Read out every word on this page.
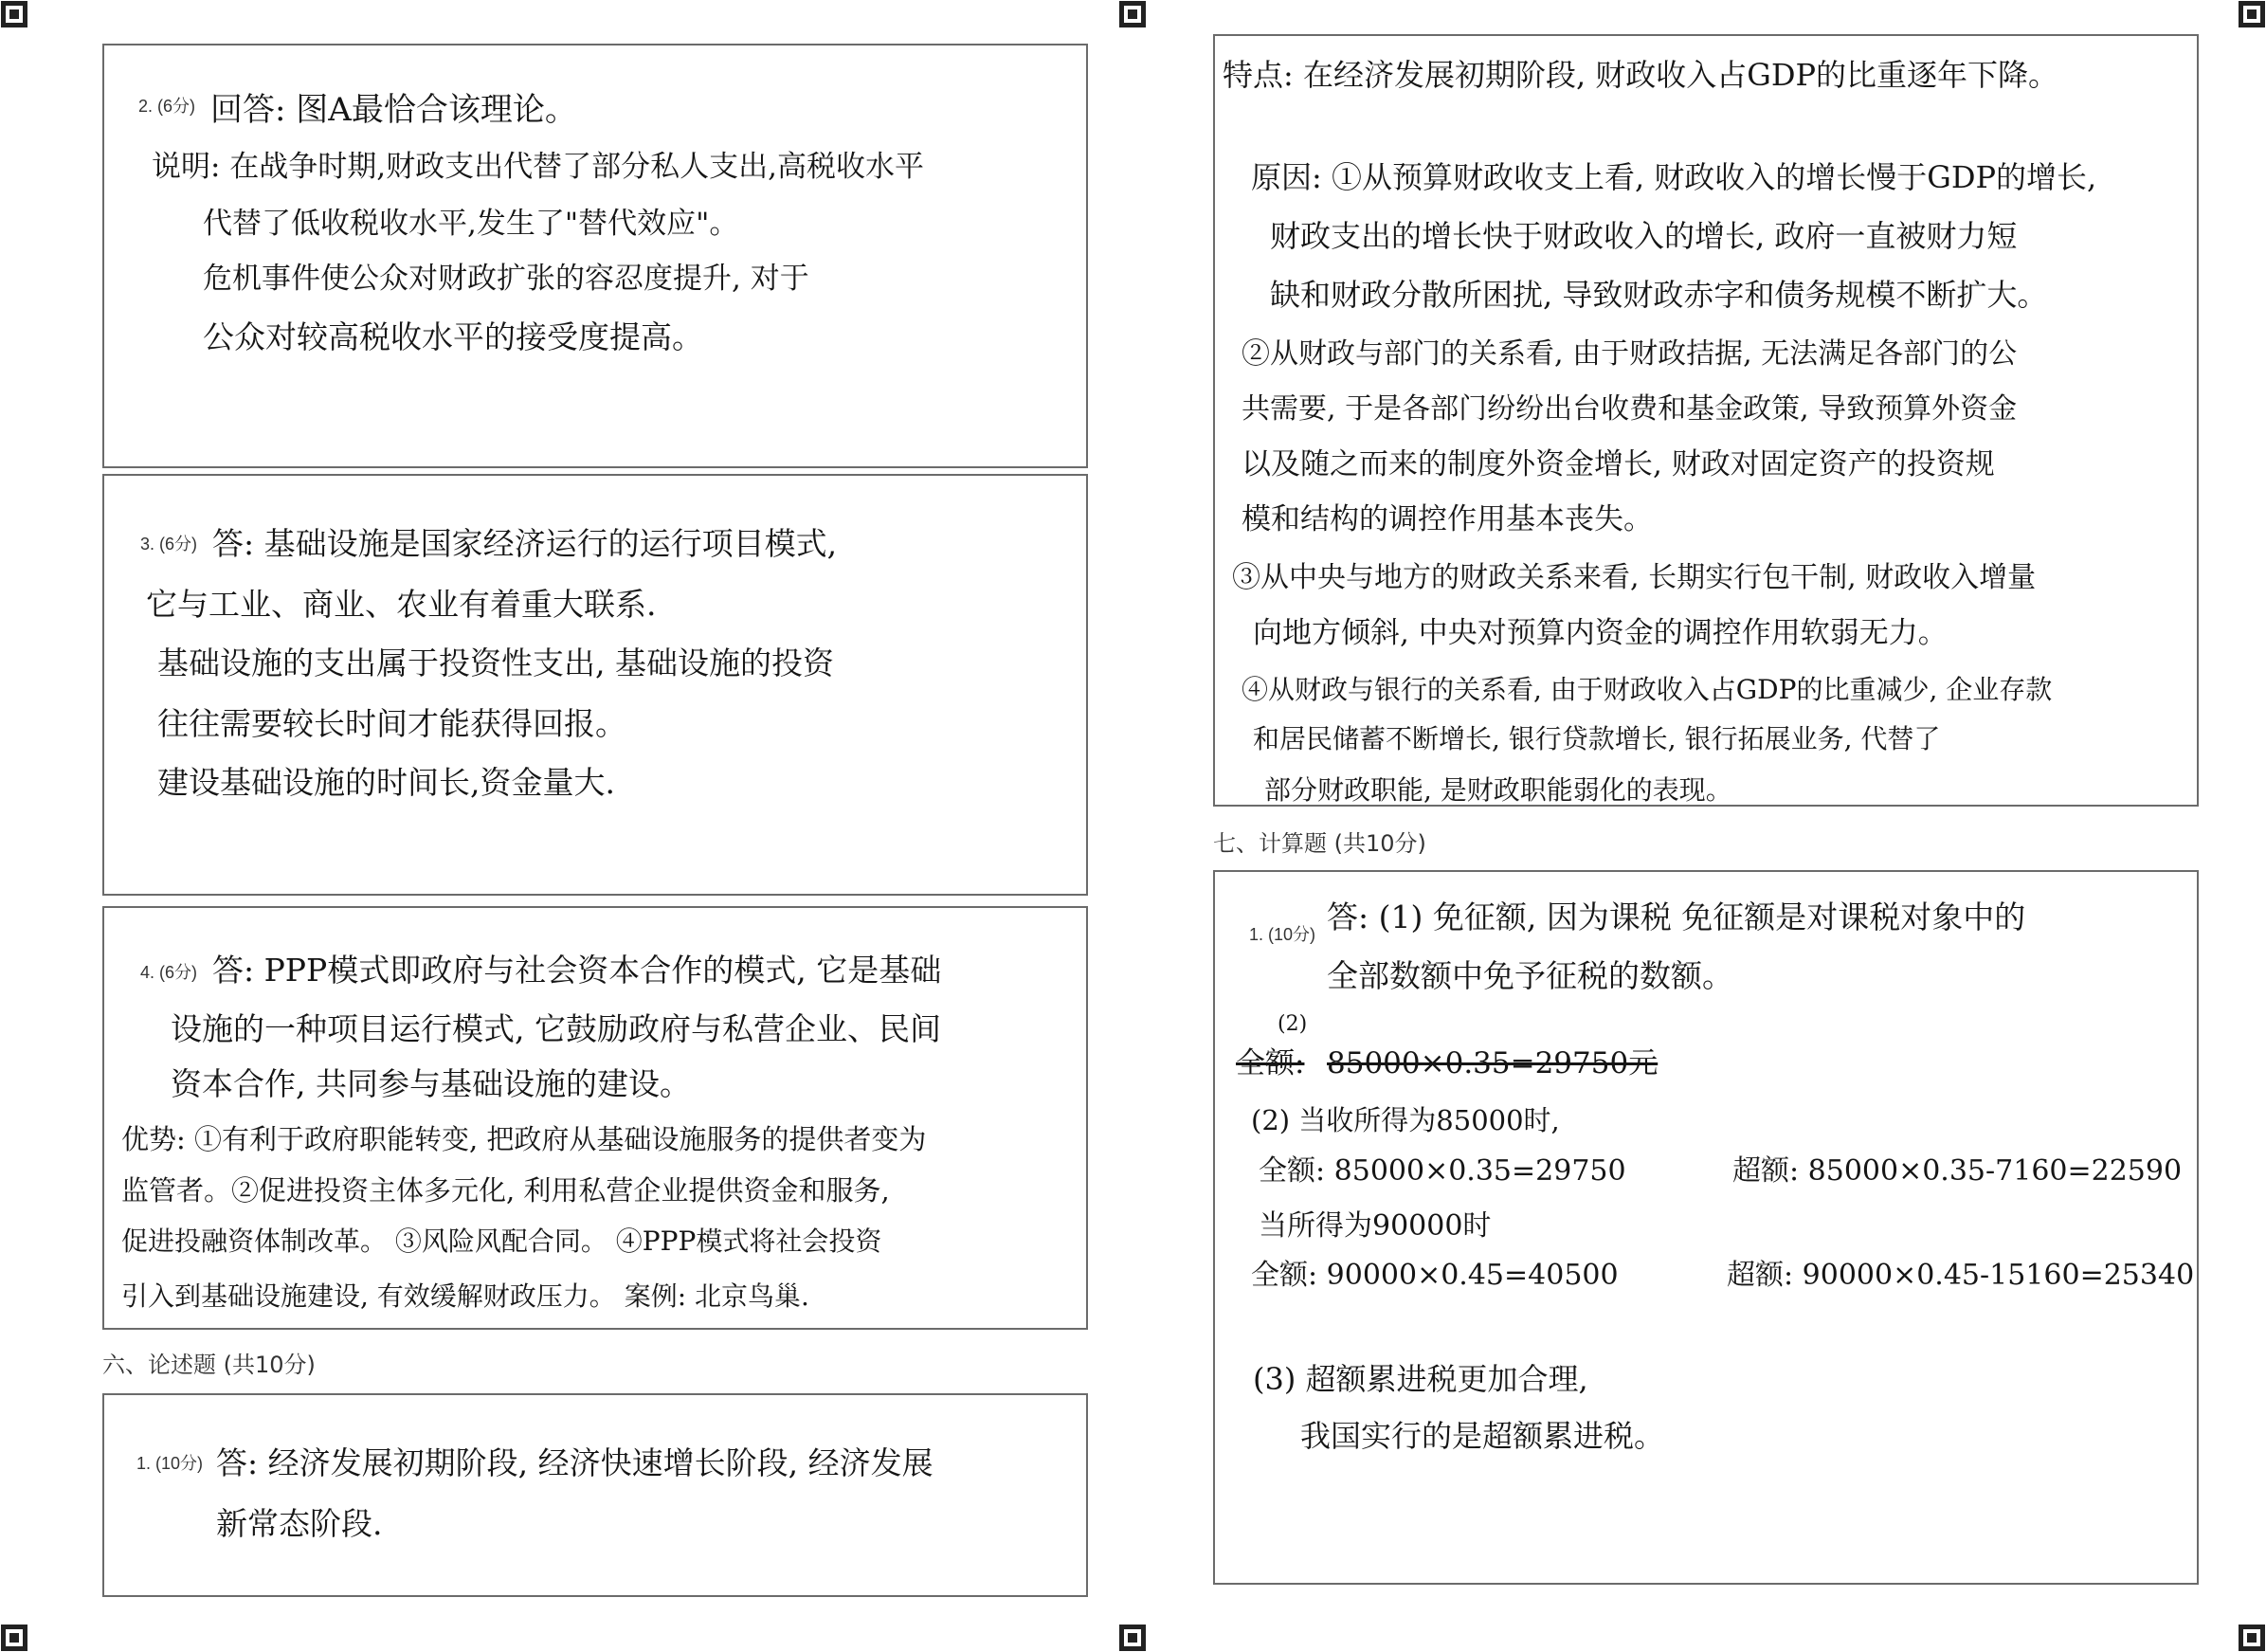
2. (6分) 回答: 图A最恰合该理论。
说明: 在战争时期,财政支出代替了部分私人支出,高税收水平
代替了低收税收水平,发生了"替代效应"。
危机事件使公众对财政扩张的容忍度提升, 对于
公众对较高税收水平的接受度提高。
3. (6分) 答: 基础设施是国家经济运行的运行项目模式,
它与工业、商业、农业有着重大联系.
基础设施的支出属于投资性支出, 基础设施的投资
往往需要较长时间才能获得回报。
建设基础设施的时间长,资金量大.
4. (6分) 答: PPP模式即政府与社会资本合作的模式, 它是基础
设施的一种项目运行模式, 它鼓励政府与私营企业、民间
资本合作, 共同参与基础设施的建设。
优势: ①有利于政府职能转变, 把政府从基础设施服务的提供者变为
监管者。②促进投资主体多元化, 利用私营企业提供资金和服务,
促进投融资体制改革。 ③风险风配合同。 ④PPP模式将社会投资
引入到基础设施建设, 有效缓解财政压力。 案例: 北京鸟巢.
六、论述题 (共10分)
1. (10分) 答: 经济发展初期阶段, 经济快速增长阶段, 经济发展
新常态阶段.
特点: 在经济发展初期阶段, 财政收入占GDP的比重逐年下降。
原因: ①从预算财政收支上看, 财政收入的增长慢于GDP的增长,
财政支出的增长快于财政收入的增长, 政府一直被财力短
缺和财政分散所困扰, 导致财政赤字和债务规模不断扩大。
②从财政与部门的关系看, 由于财政拮据, 无法满足各部门的公
共需要, 于是各部门纷纷出台收费和基金政策, 导致预算外资金
以及随之而来的制度外资金增长, 财政对固定资产的投资规
模和结构的调控作用基本丧失。
③从中央与地方的财政关系来看, 长期实行包干制, 财政收入增量
向地方倾斜, 中央对预算内资金的调控作用软弱无力。
④从财政与银行的关系看, 由于财政收入占GDP的比重减少, 企业存款
和居民储蓄不断增长, 银行贷款增长, 银行拓展业务, 代替了
部分财政职能, 是财政职能弱化的表现。
七、计算题 (共10分)
1. (10分) 答: (1) 免征额, 因为课税 免征额是对课税对象中的
全部数额中免予征税的数额。
(2)
全额: 85000×0.35=29750元
(2) 当收所得为85000时,
全额: 85000×0.35=29750	超额: 85000×0.35-7160=22590
当所得为90000时
全额: 90000×0.45=40500	超额: 90000×0.45-15160=25340
(3) 超额累进税更加合理,
我国实行的是超额累进税。
